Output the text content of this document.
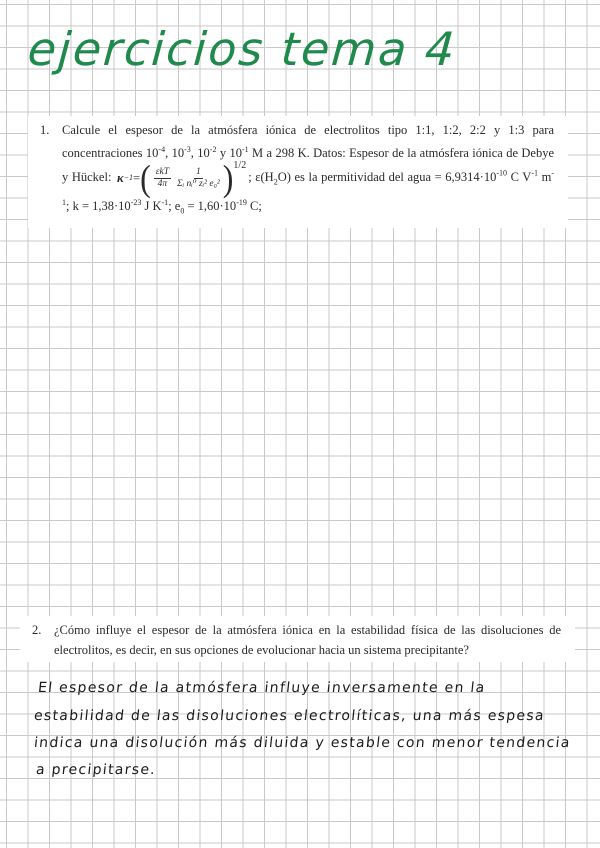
ejercicios tema 4
1.	Calcule el espesor de la atmósfera iónica de electrolitos tipo 1:1, 1:2, 2:2 y 1:3 para concentraciones $10^{-4}$, $10^{-3}$, $10^{-2}$ y $10^{-1}$ M a 298 K. Datos: Espesor de la atmósfera iónica de Debye y Hückel: κ −1 = ( $\frac{\text{εkT}}{4\pi} \frac{1}{\text{Σᵢ nᵢ⁰ zᵢ² e₀²}}$ ) 1/2
; $\varepsilon(H_2O)$ es la permitividad del agua = $6,9314\cdot 10^{-10}$ C $V^{-1}$ $m^{-1}$; $k = 1,38\cdot 10^{-23}$ J $K^{-1}$; $e_0 = 1,60\cdot 10^{-19}$ C;
2.	¿Cómo influye el espesor de la atmósfera iónica en la estabilidad física de las disoluciones de electrolitos, es decir, en sus opciones de evolucionar hacia un sistema precipitante?
El espesor de la atmósfera influye inversamente en la
estabilidad de las disoluciones electrolíticas, una más espesa
indica una disolución más diluida y estable con menor tendencia
a precipitarse.
